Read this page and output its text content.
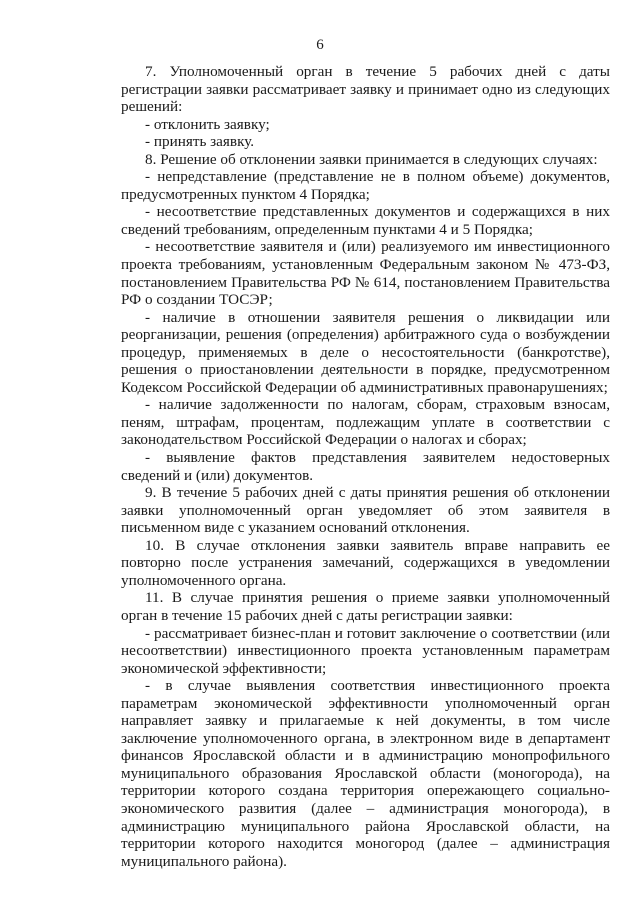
6

7. Уполномоченный орган в течение 5 рабочих дней с даты регистрации заявки рассматривает заявку и принимает одно из следующих решений:

- отклонить заявку;

- принять заявку.

8. Решение об отклонении заявки принимается в следующих случаях:

- непредставление (представление не в полном объеме) документов, предусмотренных пунктом 4 Порядка;

- несоответствие представленных документов и содержащихся в них сведений требованиям, определенным пунктами 4 и 5 Порядка;

- несоответствие заявителя и (или) реализуемого им инвестиционного проекта требованиям, установленным Федеральным законом № 473-ФЗ, постановлением Правительства РФ № 614, постановлением Правительства РФ о создании ТОСЭР;

- наличие в отношении заявителя решения о ликвидации или реорганизации, решения (определения) арбитражного суда о возбуждении процедур, применяемых в деле о несостоятельности (банкротстве), решения о приостановлении деятельности в порядке, предусмотренном Кодексом Российской Федерации об административных правонарушениях;

- наличие задолженности по налогам, сборам, страховым взносам, пеням, штрафам, процентам, подлежащим уплате в соответствии с законодательством Российской Федерации о налогах и сборах;

- выявление фактов представления заявителем недостоверных сведений и (или) документов.

9. В течение 5 рабочих дней с даты принятия решения об отклонении заявки уполномоченный орган уведомляет об этом заявителя в письменном виде с указанием оснований отклонения.

10. В случае отклонения заявки заявитель вправе направить ее повторно после устранения замечаний, содержащихся в уведомлении уполномоченного органа.

11. В случае принятия решения о приеме заявки уполномоченный орган в течение 15 рабочих дней с даты регистрации заявки:

- рассматривает бизнес-план и готовит заключение о соответствии (или несоответствии) инвестиционного проекта установленным параметрам экономической эффективности;

- в случае выявления соответствия инвестиционного проекта параметрам экономической эффективности уполномоченный орган направляет заявку и прилагаемые к ней документы, в том числе заключение уполномоченного органа, в электронном виде в департамент финансов Ярославской области и в администрацию монопрофильного муниципального образования Ярославской области (моногорода), на территории которого создана территория опережающего социально-экономического развития (далее – администрация моногорода), в администрацию муниципального района Ярославской области, на территории которого находится моногород (далее – администрация муниципального района).
